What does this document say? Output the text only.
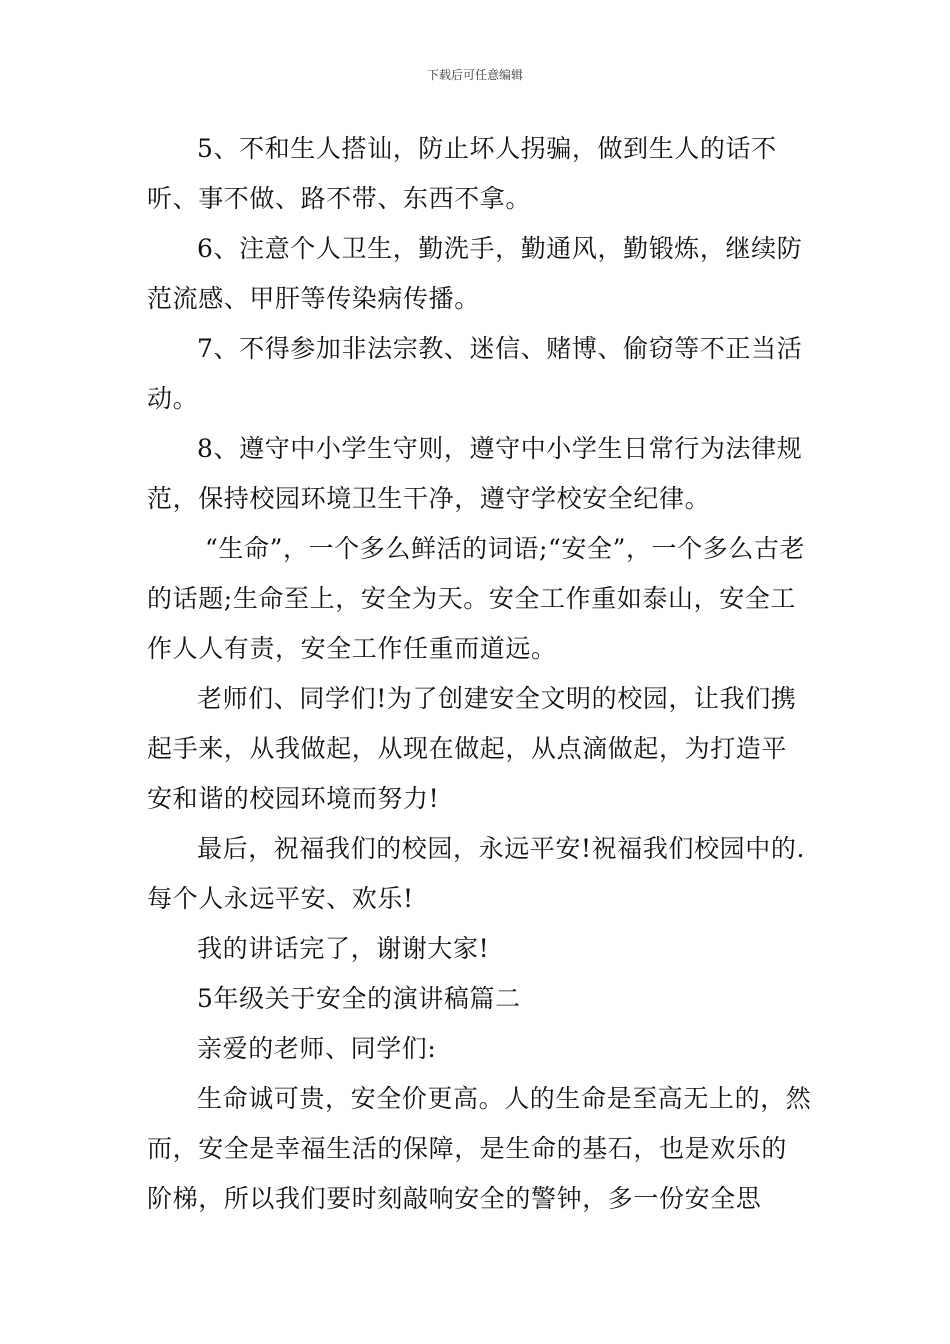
下载后可任意编辑

5、不和生人搭讪，防止坏人拐骗，做到生人的话不听、事不做、路不带、东西不拿。

6、注意个人卫生，勤洗手，勤通风，勤锻炼，继续防范流感、甲肝等传染病传播。

7、不得参加非法宗教、迷信、赌博、偷窃等不正当活动。

8、遵守中小学生守则，遵守中小学生日常行为法律规范，保持校园环境卫生干净，遵守学校安全纪律。

“生命”，一个多么鲜活的词语;“安全”，一个多么古老的话题;生命至上，安全为天。安全工作重如泰山，安全工作人人有责，安全工作任重而道远。

老师们、同学们!为了创建安全文明的校园，让我们携起手来，从我做起，从现在做起，从点滴做起，为打造平安和谐的校园环境而努力!

最后，祝福我们的校园，永远平安!祝福我们校园中的.每个人永远平安、欢乐!

我的讲话完了，谢谢大家!

5年级关于安全的演讲稿篇二

亲爱的老师、同学们:

生命诚可贵，安全价更高。人的生命是至高无上的，然而，安全是幸福生活的保障，是生命的基石，也是欢乐的阶梯，所以我们要时刻敲响安全的警钟，多一份安全思
